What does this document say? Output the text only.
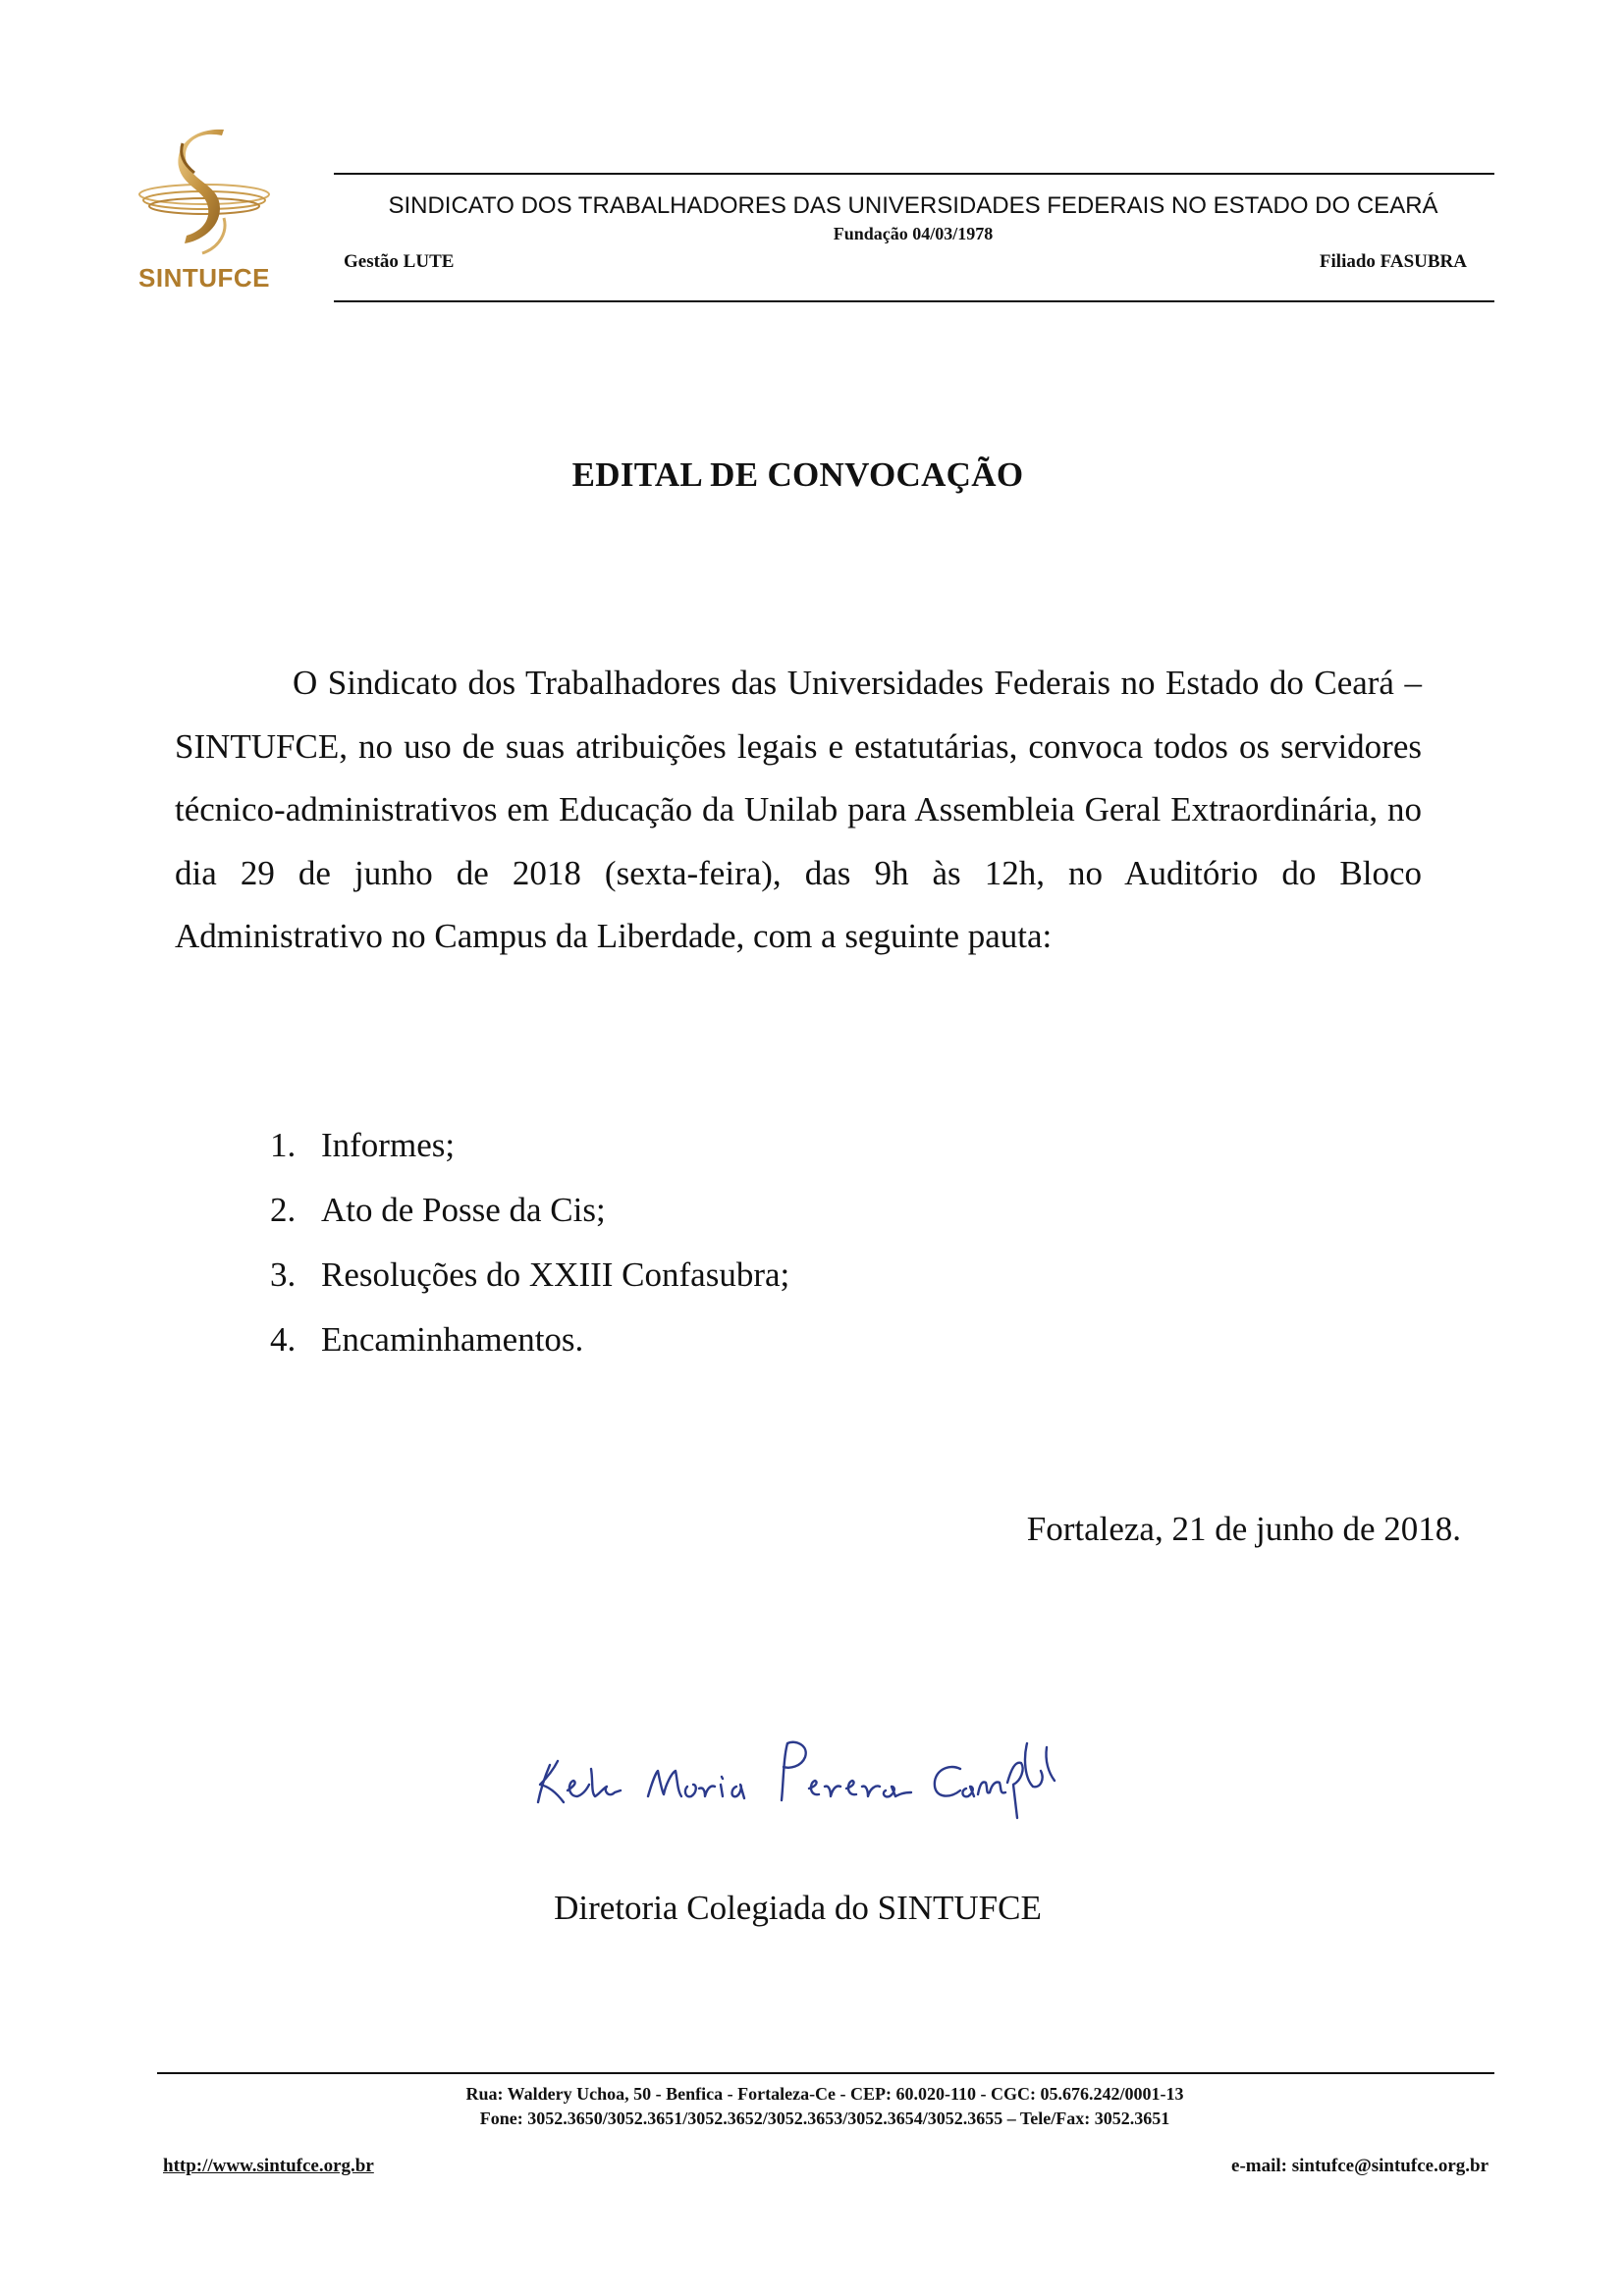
SINTUFCE
SINDICATO DOS TRABALHADORES DAS UNIVERSIDADES FEDERAIS NO ESTADO DO CEARÁ
Fundação 04/03/1978
Gestão LUTE	Filiado FASUBRA
EDITAL DE CONVOCAÇÃO

O Sindicato dos Trabalhadores das Universidades Federais no Estado do Ceará – SINTUFCE, no uso de suas atribuições legais e estatutárias, convoca todos os servidores técnico-administrativos em Educação da Unilab para Assembleia Geral Extraordinária, no dia 29 de junho de 2018 (sexta-feira), das 9h às 12h, no Auditório do Bloco Administrativo no Campus da Liberdade, com a seguinte pauta:

1. Informes;
2. Ato de Posse da Cis;
3. Resoluções do XXIII Confasubra;
4. Encaminhamentos.
Fortaleza, 21 de junho de 2018.
Diretoria Colegiada do SINTUFCE
Rua: Waldery Uchoa, 50 - Benfica - Fortaleza-Ce - CEP: 60.020-110 - CGC: 05.676.242/0001-13
Fone: 3052.3650/3052.3651/3052.3652/3052.3653/3052.3654/3052.3655 – Tele/Fax: 3052.3651
http://www.sintufce.org.br	e-mail: sintufce@sintufce.org.br
